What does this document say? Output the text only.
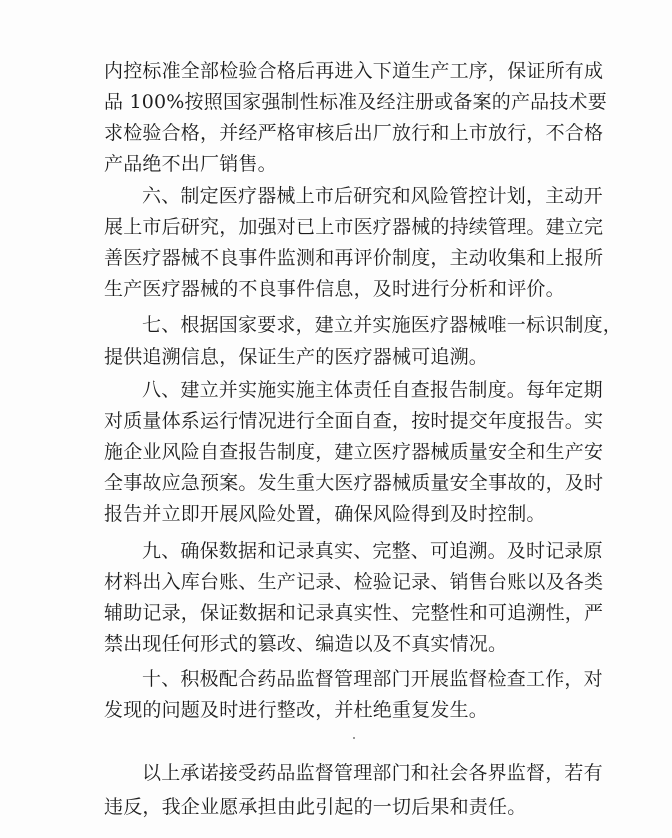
内控标准全部检验合格后再进入下道生产工序，保证所有成
品 100%按照国家强制性标准及经注册或备案的产品技术要
求检验合格，并经严格审核后出厂放行和上市放行，不合格
产品绝不出厂销售。
六、制定医疗器械上市后研究和风险管控计划，主动开
展上市后研究，加强对已上市医疗器械的持续管理。建立完
善医疗器械不良事件监测和再评价制度，主动收集和上报所
生产医疗器械的不良事件信息，及时进行分析和评价。
七、根据国家要求，建立并实施医疗器械唯一标识制度，
提供追溯信息，保证生产的医疗器械可追溯。
八、建立并实施实施主体责任自查报告制度。每年定期
对质量体系运行情况进行全面自查，按时提交年度报告。实
施企业风险自查报告制度，建立医疗器械质量安全和生产安
全事故应急预案。发生重大医疗器械质量安全事故的，及时
报告并立即开展风险处置，确保风险得到及时控制。
九、确保数据和记录真实、完整、可追溯。及时记录原
材料出入库台账、生产记录、检验记录、销售台账以及各类
辅助记录，保证数据和记录真实性、完整性和可追溯性，严
禁出现任何形式的篡改、编造以及不真实情况。
十、积极配合药品监督管理部门开展监督检查工作，对
发现的问题及时进行整改，并杜绝重复发生。
以上承诺接受药品监督管理部门和社会各界监督，若有
违反，我企业愿承担由此引起的一切后果和责任。
